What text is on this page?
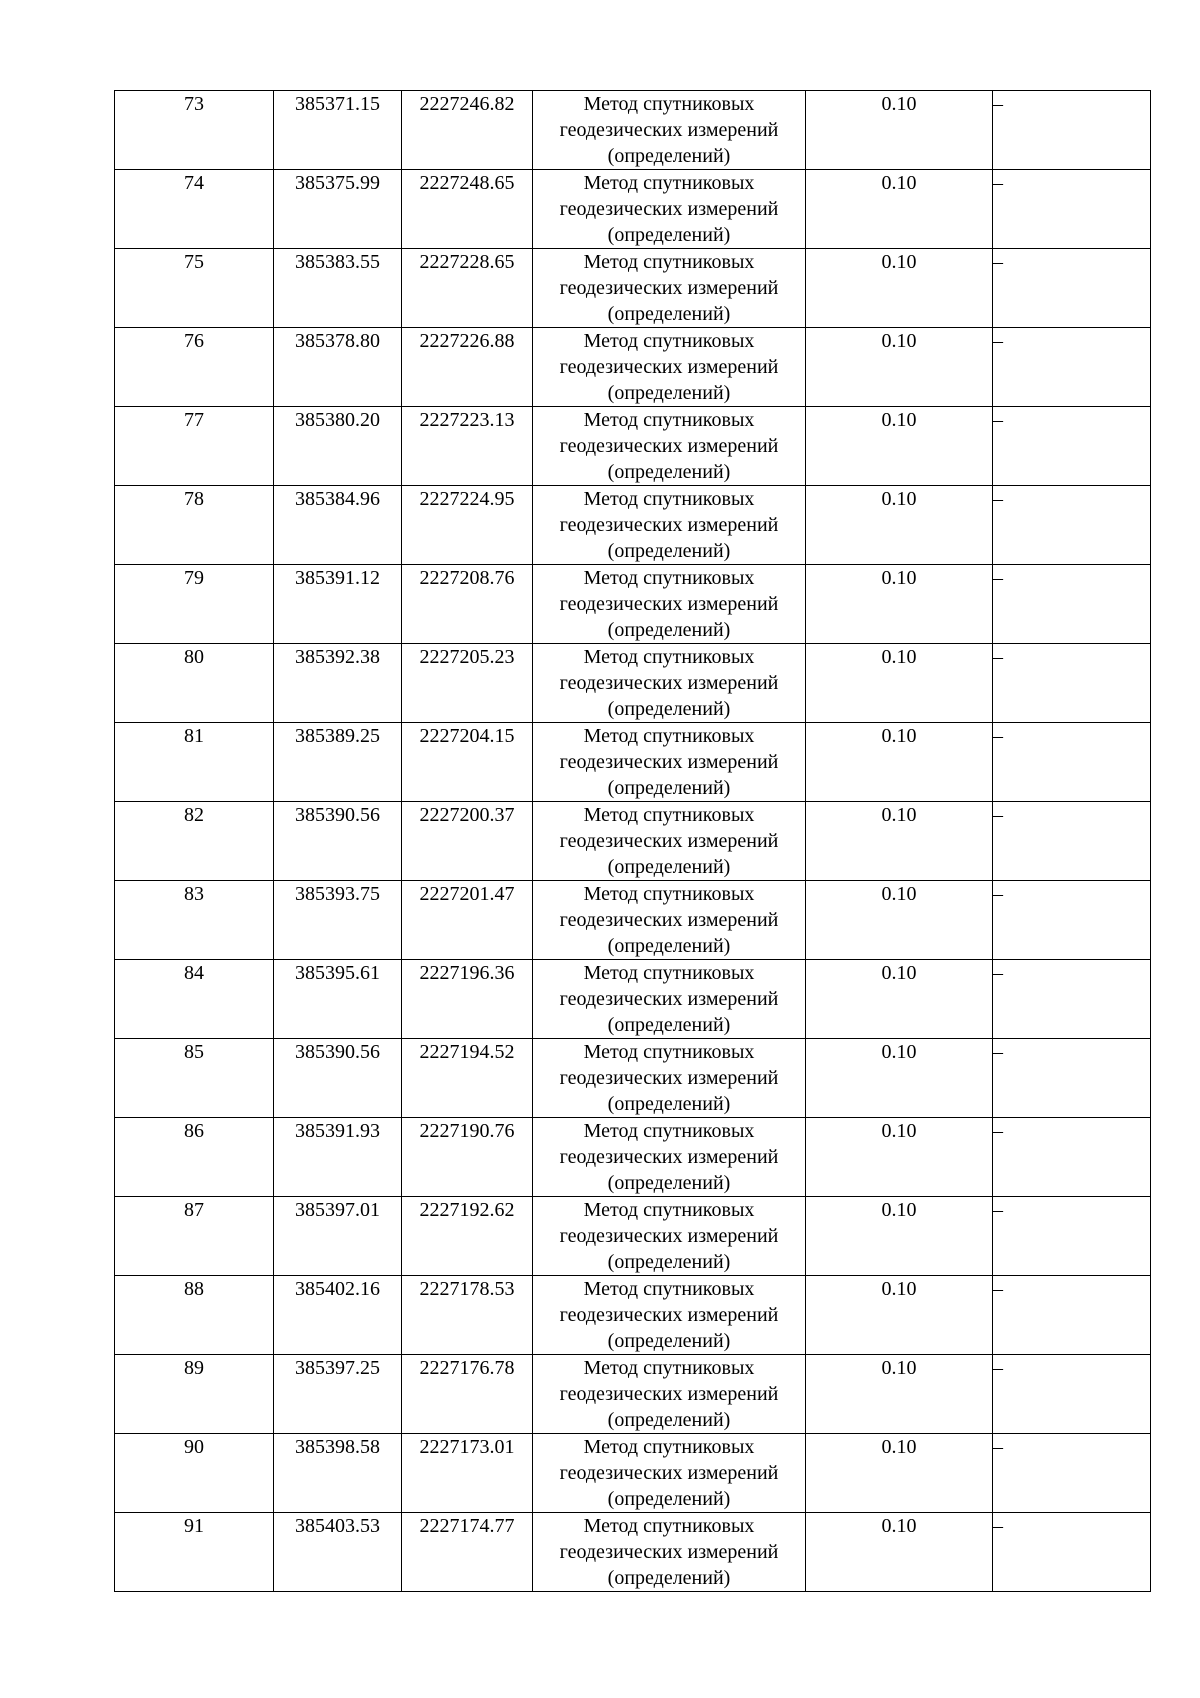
73	385371.15	2227246.82	Метод спутниковых геодезических измерений (определений)	0.10	–
74	385375.99	2227248.65	Метод спутниковых геодезических измерений (определений)	0.10	–
75	385383.55	2227228.65	Метод спутниковых геодезических измерений (определений)	0.10	–
76	385378.80	2227226.88	Метод спутниковых геодезических измерений (определений)	0.10	–
77	385380.20	2227223.13	Метод спутниковых геодезических измерений (определений)	0.10	–
78	385384.96	2227224.95	Метод спутниковых геодезических измерений (определений)	0.10	–
79	385391.12	2227208.76	Метод спутниковых геодезических измерений (определений)	0.10	–
80	385392.38	2227205.23	Метод спутниковых геодезических измерений (определений)	0.10	–
81	385389.25	2227204.15	Метод спутниковых геодезических измерений (определений)	0.10	–
82	385390.56	2227200.37	Метод спутниковых геодезических измерений (определений)	0.10	–
83	385393.75	2227201.47	Метод спутниковых геодезических измерений (определений)	0.10	–
84	385395.61	2227196.36	Метод спутниковых геодезических измерений (определений)	0.10	–
85	385390.56	2227194.52	Метод спутниковых геодезических измерений (определений)	0.10	–
86	385391.93	2227190.76	Метод спутниковых геодезических измерений (определений)	0.10	–
87	385397.01	2227192.62	Метод спутниковых геодезических измерений (определений)	0.10	–
88	385402.16	2227178.53	Метод спутниковых геодезических измерений (определений)	0.10	–
89	385397.25	2227176.78	Метод спутниковых геодезических измерений (определений)	0.10	–
90	385398.58	2227173.01	Метод спутниковых геодезических измерений (определений)	0.10	–
91	385403.53	2227174.77	Метод спутниковых геодезических измерений (определений)	0.10	–
